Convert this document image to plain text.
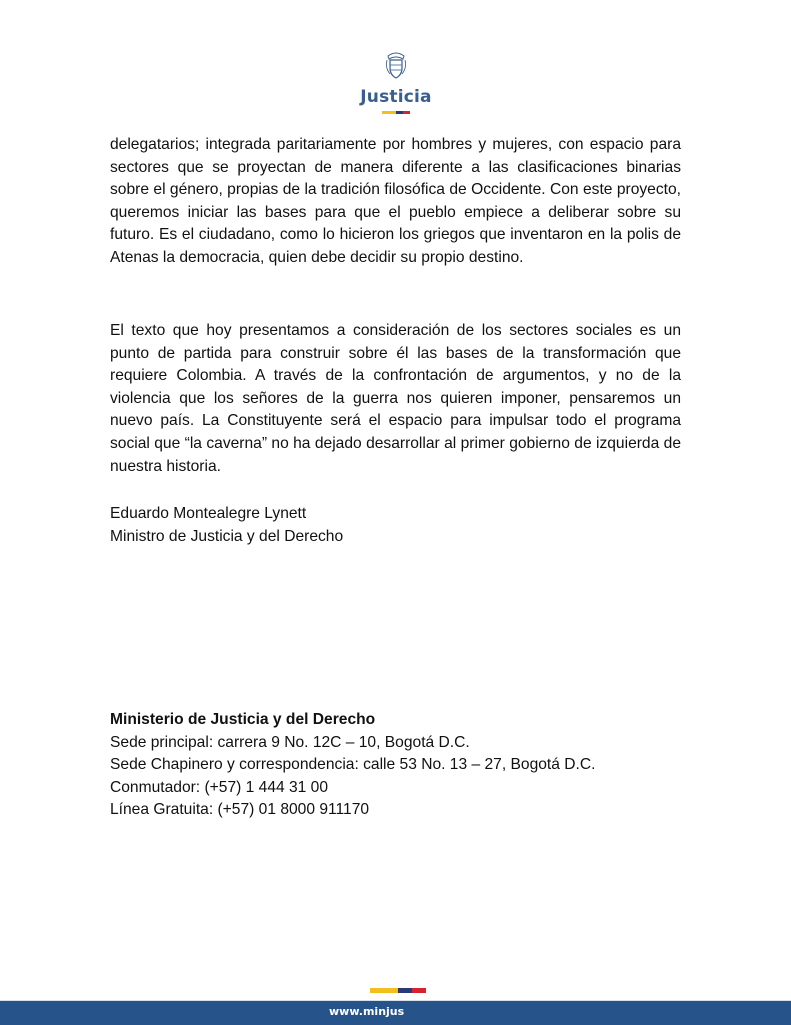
Justicia

delegatarios; integrada paritariamente por hombres y mujeres, con espacio para sectores que se proyectan de manera diferente a las clasificaciones binarias sobre el género, propias de la tradición filosófica de Occidente. Con este proyecto, queremos iniciar las bases para que el pueblo empiece a deliberar sobre su futuro. Es el ciudadano, como lo hicieron los griegos que inventaron en la polis de Atenas la democracia, quien debe decidir su propio destino.

El texto que hoy presentamos a consideración de los sectores sociales es un punto de partida para construir sobre él las bases de la transformación que requiere Colombia. A través de la confrontación de argumentos, y no de la violencia que los señores de la guerra nos quieren imponer, pensaremos un nuevo país. La Constituyente será el espacio para impulsar todo el programa social que “la caverna” no ha dejado desarrollar al primer gobierno de izquierda de nuestra historia.

Eduardo Montealegre Lynett
Ministro de Justicia y del Derecho
Ministerio de Justicia y del Derecho
Sede principal: carrera 9 No. 12C – 10, Bogotá D.C.
Sede Chapinero y correspondencia: calle 53 No. 13 – 27, Bogotá D.C.
Conmutador: (+57) 1 444 31 00
Línea Gratuita: (+57) 01 8000 911170
www.minjus
